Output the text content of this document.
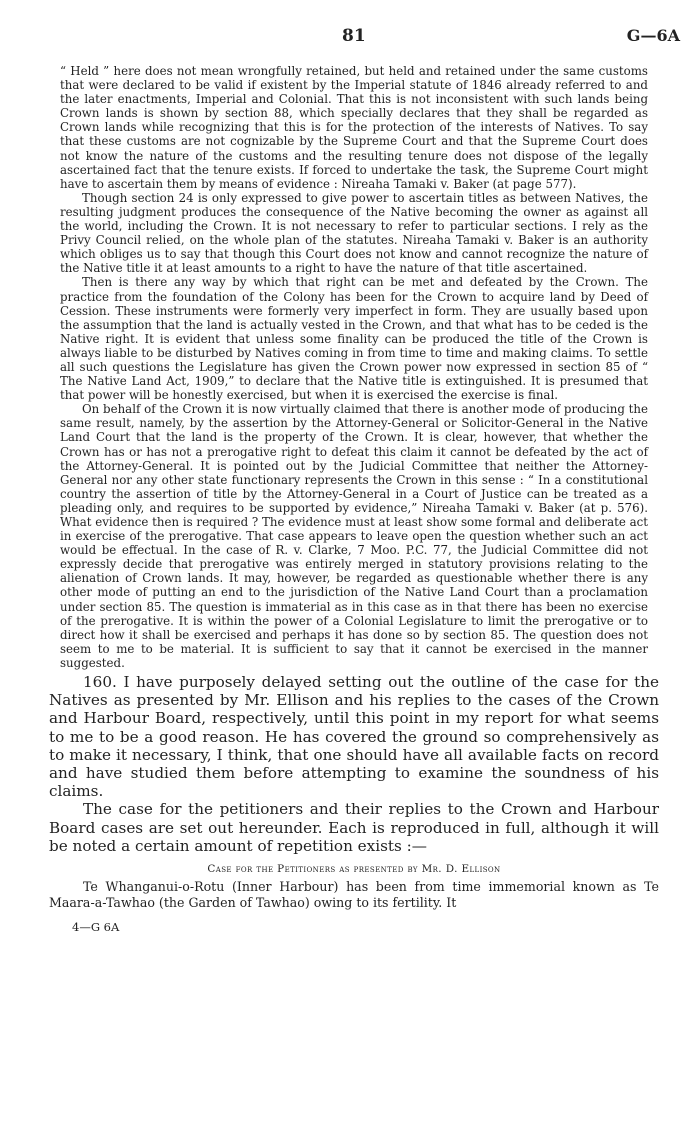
81	G—6A

“ Held ” here does not mean wrongfully retained, but held and retained under the same customs that were declared to be valid if existent by the Imperial statute of 1846 already referred to and the later enactments, Imperial and Colonial. That this is not inconsistent with such lands being Crown lands is shown by section 88, which specially declares that they shall be regarded as Crown lands while recognizing that this is for the protection of the interests of Natives. To say that these customs are not cognizable by the Supreme Court and that the Supreme Court does not know the nature of the customs and the resulting tenure does not dispose of the legally ascertained fact that the tenure exists. If forced to undertake the task, the Supreme Court might have to ascertain them by means of evidence : Nireaha Tamaki v. Baker (at page 577).

Though section 24 is only expressed to give power to ascertain titles as between Natives, the resulting judgment produces the consequence of the Native becoming the owner as against all the world, including the Crown. It is not necessary to refer to particular sections. I rely as the Privy Council relied, on the whole plan of the statutes. Nireaha Tamaki v. Baker is an authority which obliges us to say that though this Court does not know and cannot recognize the nature of the Native title it at least amounts to a right to have the nature of that title ascertained.

Then is there any way by which that right can be met and defeated by the Crown. The practice from the foundation of the Colony has been for the Crown to acquire land by Deed of Cession. These instruments were formerly very imperfect in form. They are usually based upon the assumption that the land is actually vested in the Crown, and that what has to be ceded is the Native right. It is evident that unless some finality can be produced the title of the Crown is always liable to be disturbed by Natives coming in from time to time and making claims. To settle all such questions the Legislature has given the Crown power now expressed in section 85 of “ The Native Land Act, 1909,” to declare that the Native title is extinguished. It is presumed that that power will be honestly exercised, but when it is exercised the exercise is final.

On behalf of the Crown it is now virtually claimed that there is another mode of producing the same result, namely, by the assertion by the Attorney-General or Solicitor-General in the Native Land Court that the land is the property of the Crown. It is clear, however, that whether the Crown has or has not a prerogative right to defeat this claim it cannot be defeated by the act of the Attorney-General. It is pointed out by the Judicial Committee that neither the Attorney-General nor any other state functionary represents the Crown in this sense : “ In a constitutional country the assertion of title by the Attorney-General in a Court of Justice can be treated as a pleading only, and requires to be supported by evidence,” Nireaha Tamaki v. Baker (at p. 576). What evidence then is required ? The evidence must at least show some formal and deliberate act in exercise of the prerogative. That case appears to leave open the question whether such an act would be effectual. In the case of R. v. Clarke, 7 Moo. P.C. 77, the Judicial Committee did not expressly decide that prerogative was entirely merged in statutory provisions relating to the alienation of Crown lands. It may, however, be regarded as questionable whether there is any other mode of putting an end to the jurisdiction of the Native Land Court than a proclamation under section 85. The question is immaterial as in this case as in that there has been no exercise of the prerogative. It is within the power of a Colonial Legislature to limit the prerogative or to direct how it shall be exercised and perhaps it has done so by section 85. The question does not seem to me to be material. It is sufficient to say that it cannot be exercised in the manner suggested.

160. I have purposely delayed setting out the outline of the case for the Natives as presented by Mr. Ellison and his replies to the cases of the Crown and Harbour Board, respectively, until this point in my report for what seems to me to be a good reason. He has covered the ground so comprehensively as to make it necessary, I think, that one should have all available facts on record and have studied them before attempting to examine the soundness of his claims.

The case for the petitioners and their replies to the Crown and Harbour Board cases are set out hereunder. Each is reproduced in full, although it will be noted a certain amount of repetition exists :—

Case for the Petitioners as presented by Mr. D. Ellison

Te Whanganui-o-Rotu (Inner Harbour) has been from time immemorial known as Te Maara-a-Tawhao (the Garden of Tawhao) owing to its fertility. It

4—G 6A
